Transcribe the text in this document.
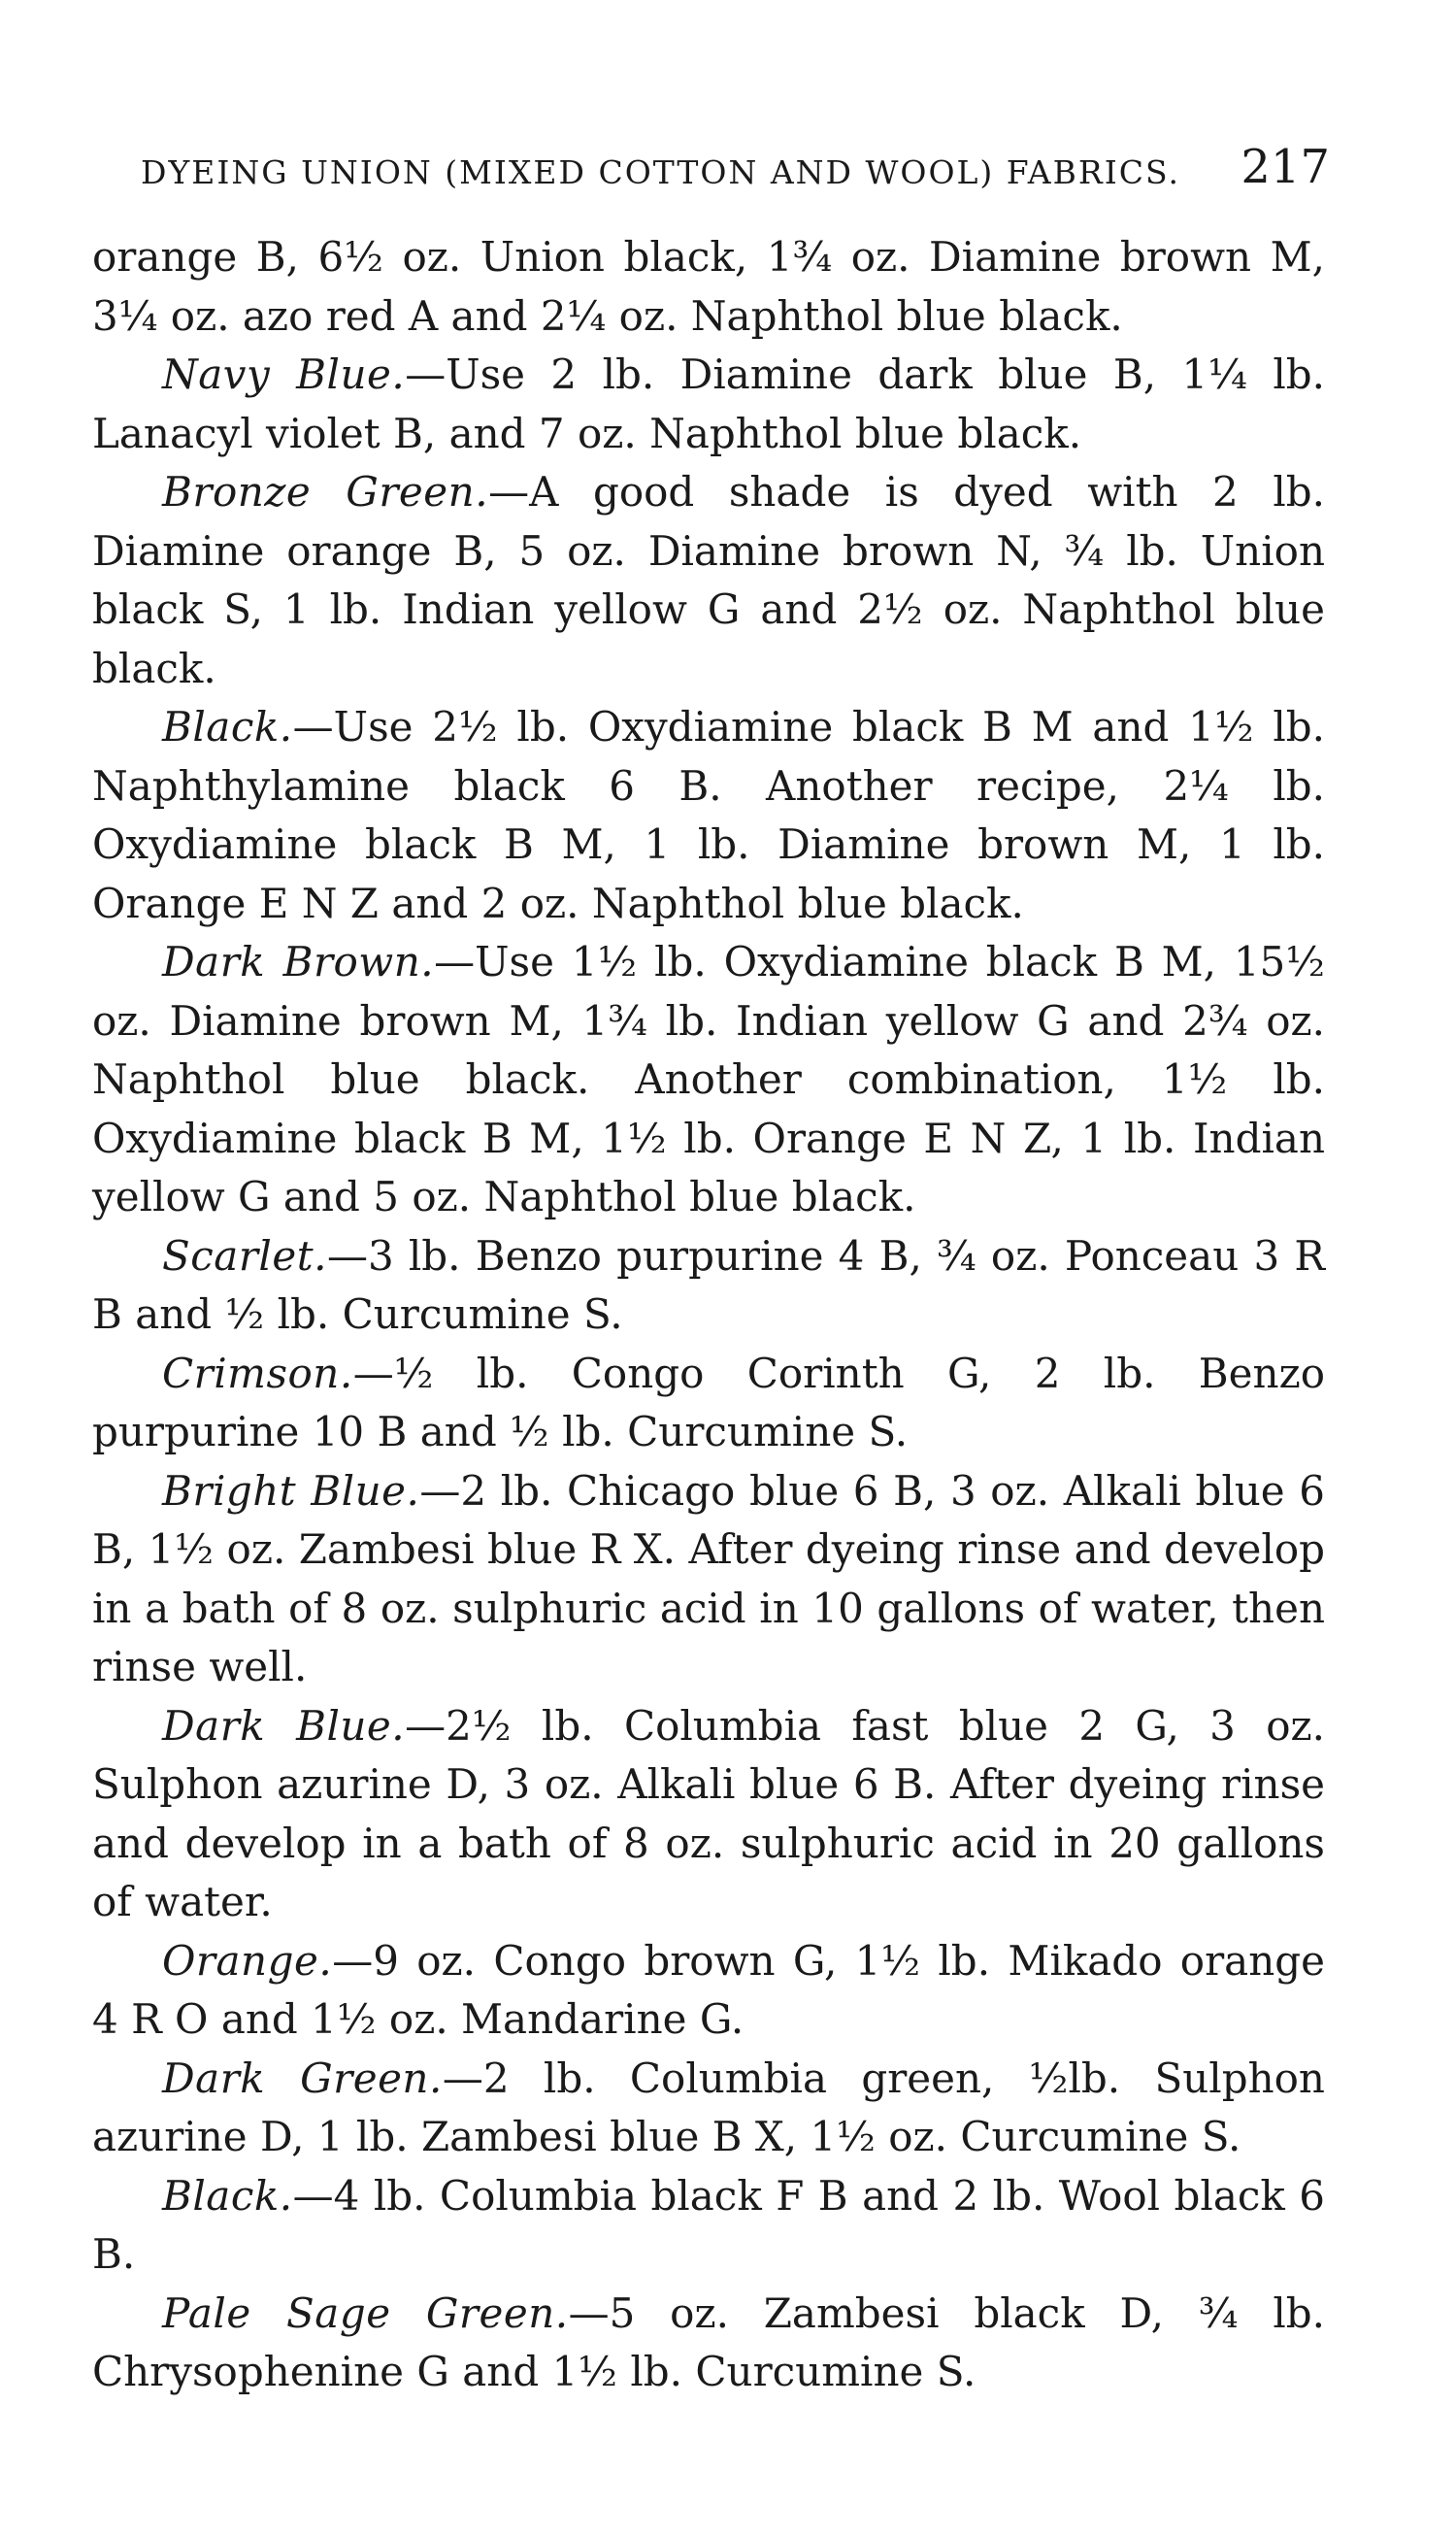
DYEING UNION (MIXED COTTON AND WOOL) FABRICS. 217

orange B, 6½ oz. Union black, 1¾ oz. Diamine brown M, 3¼ oz. azo red A and 2¼ oz. Naphthol blue black.

Navy Blue.—Use 2 lb. Diamine dark blue B, 1¼ lb. Lanacyl violet B, and 7 oz. Naphthol blue black.

Bronze Green.—A good shade is dyed with 2 lb. Diamine orange B, 5 oz. Diamine brown N, ¾ lb. Union black S, 1 lb. Indian yellow G and 2½ oz. Naphthol blue black.

Black.—Use 2½ lb. Oxydiamine black B M and 1½ lb. Naphthylamine black 6 B. Another recipe, 2¼ lb. Oxydiamine black B M, 1 lb. Diamine brown M, 1 lb. Orange E N Z and 2 oz. Naphthol blue black.

Dark Brown.—Use 1½ lb. Oxydiamine black B M, 15½ oz. Diamine brown M, 1¾ lb. Indian yellow G and 2¾ oz. Naphthol blue black. Another combination, 1½ lb. Oxydiamine black B M, 1½ lb. Orange E N Z, 1 lb. Indian yellow G and 5 oz. Naphthol blue black.

Scarlet.—3 lb. Benzo purpurine 4 B, ¾ oz. Ponceau 3 R B and ½ lb. Curcumine S.

Crimson.—½ lb. Congo Corinth G, 2 lb. Benzo purpurine 10 B and ½ lb. Curcumine S.

Bright Blue.—2 lb. Chicago blue 6 B, 3 oz. Alkali blue 6 B, 1½ oz. Zambesi blue R X. After dyeing rinse and develop in a bath of 8 oz. sulphuric acid in 10 gallons of water, then rinse well.

Dark Blue.—2½ lb. Columbia fast blue 2 G, 3 oz. Sulphon azurine D, 3 oz. Alkali blue 6 B. After dyeing rinse and develop in a bath of 8 oz. sulphuric acid in 20 gallons of water.

Orange.—9 oz. Congo brown G, 1½ lb. Mikado orange 4 R O and 1½ oz. Mandarine G.

Dark Green.—2 lb. Columbia green, ½lb. Sulphon azurine D, 1 lb. Zambesi blue B X, 1½ oz. Curcumine S.

Black.—4 lb. Columbia black F B and 2 lb. Wool black 6 B.

Pale Sage Green.—5 oz. Zambesi black D, ¾ lb. Chrysophenine G and 1½ lb. Curcumine S.
